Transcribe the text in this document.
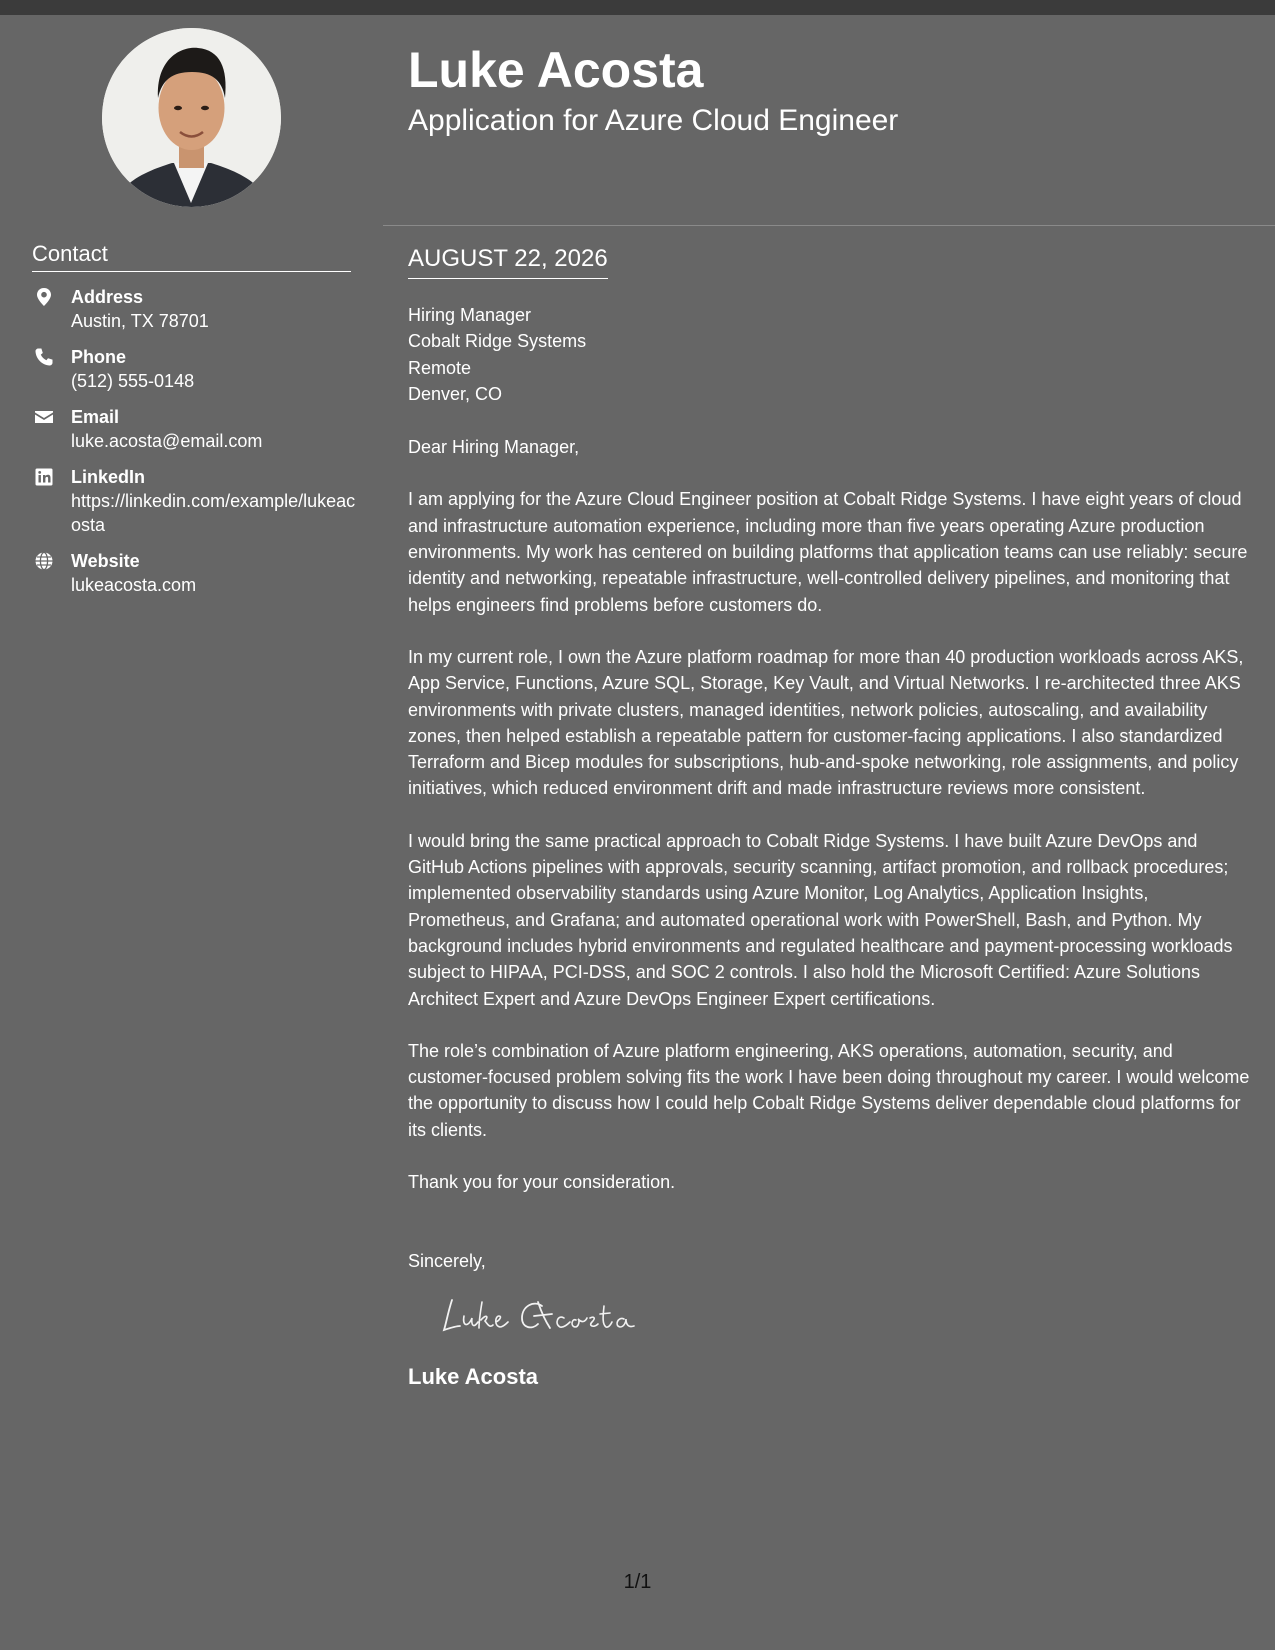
Contact
Address
Austin, TX 78701
Phone
(512) 555-0148
Email
luke.acosta@email.com
LinkedIn
https://linkedin.com/example/lukeacosta
Website
lukeacosta.com
Luke Acosta
Application for Azure Cloud Engineer
AUGUST 22, 2026

Hiring Manager
Cobalt Ridge Systems
Remote
Denver, CO

Dear Hiring Manager,

I am applying for the Azure Cloud Engineer position at Cobalt Ridge Systems. I have eight years of cloud and infrastructure automation experience, including more than five years operating Azure production environments. My work has centered on building platforms that application teams can use reliably: secure identity and networking, repeatable infrastructure, well-controlled delivery pipelines, and monitoring that helps engineers find problems before customers do.

In my current role, I own the Azure platform roadmap for more than 40 production workloads across AKS, App Service, Functions, Azure SQL, Storage, Key Vault, and Virtual Networks. I re-architected three AKS environments with private clusters, managed identities, network policies, autoscaling, and availability zones, then helped establish a repeatable pattern for customer-facing applications. I also standardized Terraform and Bicep modules for subscriptions, hub-and-spoke networking, role assignments, and policy initiatives, which reduced environment drift and made infrastructure reviews more consistent.

I would bring the same practical approach to Cobalt Ridge Systems. I have built Azure DevOps and GitHub Actions pipelines with approvals, security scanning, artifact promotion, and rollback procedures; implemented observability standards using Azure Monitor, Log Analytics, Application Insights, Prometheus, and Grafana; and automated operational work with PowerShell, Bash, and Python. My background includes hybrid environments and regulated healthcare and payment-processing workloads subject to HIPAA, PCI-DSS, and SOC 2 controls. I also hold the Microsoft Certified: Azure Solutions Architect Expert and Azure DevOps Engineer Expert certifications.

The role’s combination of Azure platform engineering, AKS operations, automation, security, and customer-focused problem solving fits the work I have been doing throughout my career. I would welcome the opportunity to discuss how I could help Cobalt Ridge Systems deliver dependable cloud platforms for its clients.

Thank you for your consideration.

Sincerely,

Luke Acosta

1/1
